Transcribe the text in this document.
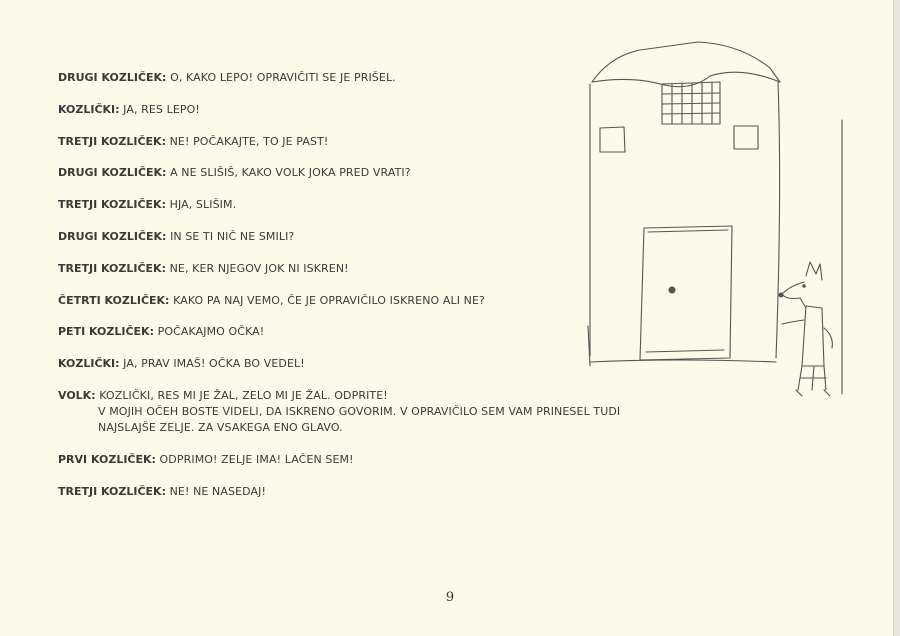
DRUGI KOZLIČEK: O, KAKO LEPO! OPRAVIČITI SE JE PRIŠEL.
KOZLIČKI: JA, RES LEPO!
TRETJI KOZLIČEK: NE! POČAKAJTE, TO JE PAST!
DRUGI KOZLIČEK: A NE SLIŠIŠ, KAKO VOLK JOKA PRED VRATI?
TRETJI KOZLIČEK: HJA, SLIŠIM.
DRUGI KOZLIČEK: IN SE TI NIČ NE SMILI?
TRETJI KOZLIČEK: NE, KER NJEGOV JOK NI ISKREN!
ČETRTI KOZLIČEK: KAKO PA NAJ VEMO, ČE JE OPRAVIČILO ISKRENO ALI NE?
PETI KOZLIČEK: POČAKAJMO OČKA!
KOZLIČKI: JA, PRAV IMAŠ! OČKA BO VEDEL!
VOLK: KOZLIČKI, RES MI JE ŽAL, ZELO MI JE ŽAL. ODPRITE!
V MOJIH OČEH BOSTE VIDELI, DA ISKRENO GOVORIM. V OPRAVIČILO SEM VAM PRINESEL TUDI
NAJSLAJŠE ZELJE. ZA VSAKEGA ENO GLAVO.
PRVI KOZLIČEK: ODPRIMO! ZELJE IMA! LAČEN SEM!
TRETJI KOZLIČEK: NE! NE NASEDAJ!
9
